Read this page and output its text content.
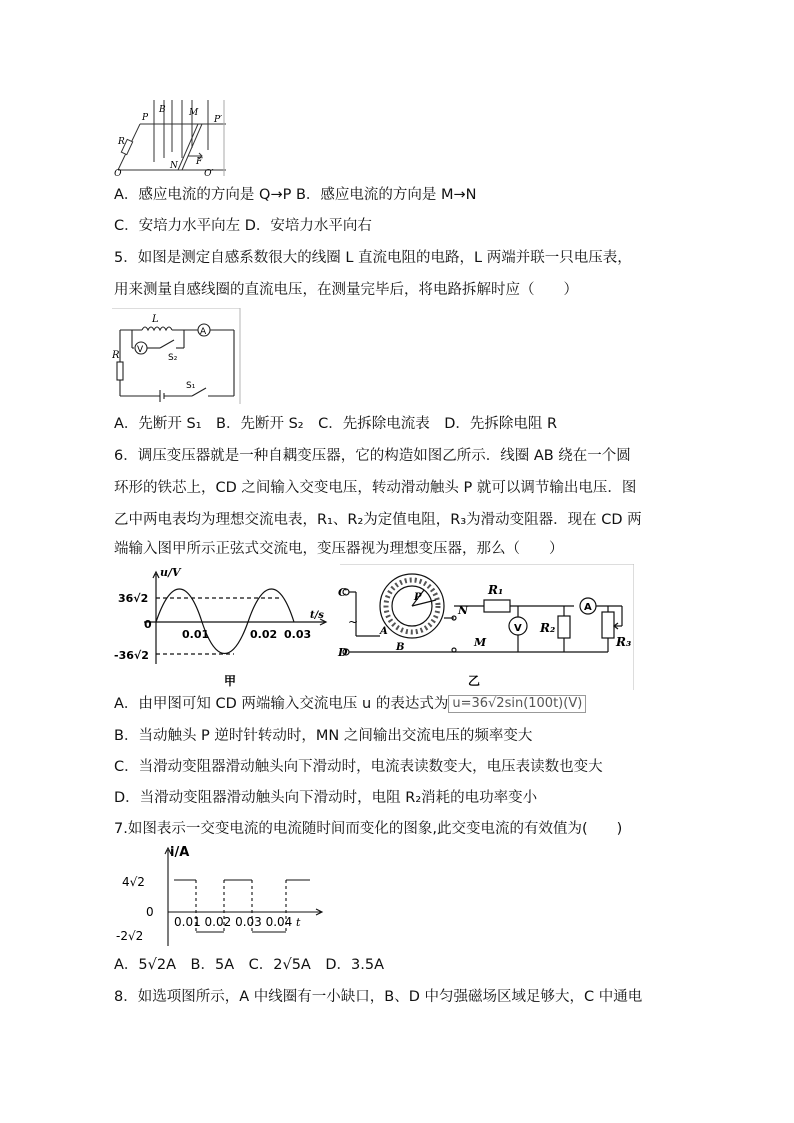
P
B	M
P′
R
N F
Q	Q′
A．感应电流的方向是 Q→P B．感应电流的方向是 M→N
C．安培力水平向左 D．安培力水平向右
5．如图是测定自感系数很大的线圈 L 直流电阻的电路，L 两端并联一只电压表，
用来测量自感线圈的直流电压，在测量完毕后，将电路拆解时应（　　）
L
A
V
S₂
R
S₁
A．先断开 S₁　B．先断开 S₂　C．先拆除电流表　D．先拆除电阻 R
6．调压变压器就是一种自耦变压器，它的构造如图乙所示．线圈 AB 绕在一个圆
环形的铁芯上，CD 之间输入交变电压，转动滑动触头 P 就可以调节输出电压．图
乙中两电表均为理想交流电表，R₁、R₂为定值电阻，R₃为滑动变阻器．现在 CD 两
端输入图甲所示正弦式交流电，变压器视为理想变压器，那么（　　）
u/V
36√2
0
-36√2
t/s
0.01	0.02 0.03
甲
C
D
~
A
B
P
N
M
R₁
V R₂
A
R₃
乙
A．由甲图可知 CD 两端输入交流电压 u 的表达式为 u=36√2sin(100t)(V)
B．当动触头 P 逆时针转动时，MN 之间输出交流电压的频率变大
C．当滑动变阻器滑动触头向下滑动时，电流表读数变大，电压表读数也变大
D．当滑动变阻器滑动触头向下滑动时，电阻 R₂消耗的电功率变小
7.如图表示一交变电流的电流随时间而变化的图象,此交变电流的有效值为(　　)
i/A
4√2
0
-2√2
0.01 0.02 0.03 0.04 t
A．5√2A　B．5A　C．2√5A　D．3.5A
8．如选项图所示，A 中线圈有一小缺口，B、D 中匀强磁场区域足够大，C 中通电
